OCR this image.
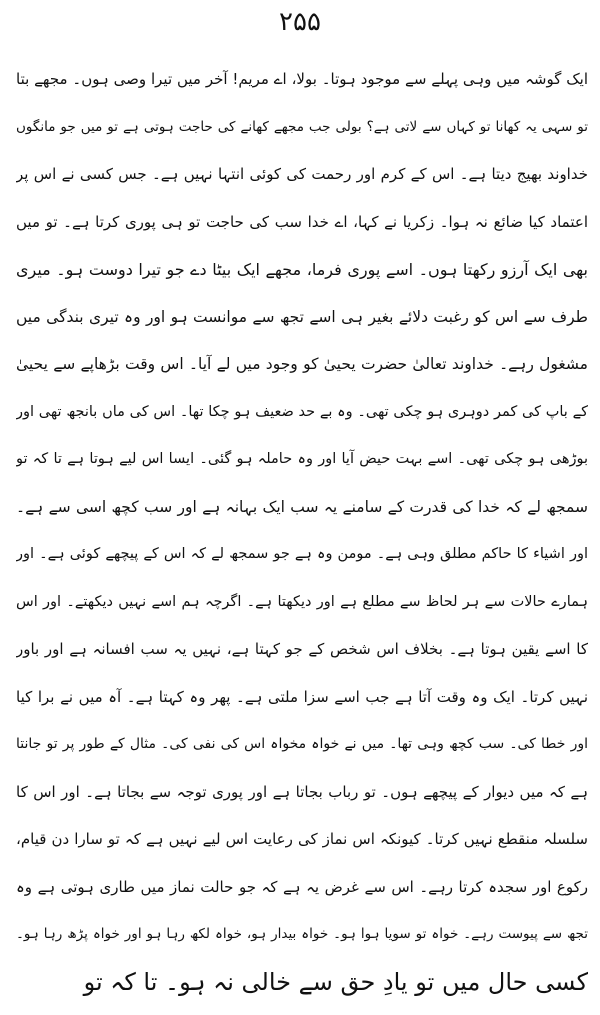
۲۵۵
ایک گوشہ میں وہی پہلے سے موجود ہوتا۔ بولا، اے مریم! آخر میں تیرا وصی ہوں۔ مجھے بتا
تو سہی یہ کھانا تو کہاں سے لاتی ہے؟ بولی جب مجھے کھانے کی حاجت ہوتی ہے تو میں جو مانگوں
خداوند بھیج دیتا ہے۔ اس کے کرم اور رحمت کی کوئی انتہا نہیں ہے۔ جس کسی نے اس پر
اعتماد کیا ضائع نہ ہوا۔ زکریا نے کہا، اے خدا سب کی حاجت تو ہی پوری کرتا ہے۔ تو میں
بھی ایک آرزو رکھتا ہوں۔ اسے پوری فرما، مجھے ایک بیٹا دے جو تیرا دوست ہو۔ میری
طرف سے اس کو رغبت دلائے بغیر ہی اسے تجھ سے موانست ہو اور وہ تیری بندگی میں
مشغول رہے۔ خداوند تعالیٰ حضرت یحییٰ کو وجود میں لے آیا۔ اس وقت بڑھاپے سے یحییٰ
کے باپ کی کمر دوہری ہو چکی تھی۔ وہ بے حد ضعیف ہو چکا تھا۔ اس کی ماں بانجھ تھی اور
بوڑھی ہو چکی تھی۔ اسے بہت حیض آیا اور وہ حاملہ ہو گئی۔ ایسا اس لیے ہوتا ہے تا کہ تو
سمجھ لے کہ خدا کی قدرت کے سامنے یہ سب ایک بہانہ ہے اور سب کچھ اسی سے ہے۔
اور اشیاء کا حاکم مطلق وہی ہے۔ مومن وہ ہے جو سمجھ لے کہ اس کے پیچھے کوئی ہے۔ اور
ہمارے حالات سے ہر لحاظ سے مطلع ہے اور دیکھتا ہے۔ اگرچہ ہم اسے نہیں دیکھتے۔ اور اس
کا اسے یقین ہوتا ہے۔ بخلاف اس شخص کے جو کہتا ہے، نہیں یہ سب افسانہ ہے اور باور
نہیں کرتا۔ ایک وہ وقت آتا ہے جب اسے سزا ملتی ہے۔ پھر وہ کہتا ہے۔ آہ میں نے برا کیا
اور خطا کی۔ سب کچھ وہی تھا۔ میں نے خواہ مخواہ اس کی نفی کی۔ مثال کے طور پر تو جانتا
ہے کہ میں دیوار کے پیچھے ہوں۔ تو رباب بجاتا ہے اور پوری توجہ سے بجاتا ہے۔ اور اس کا
سلسلہ منقطع نہیں کرتا۔ کیونکہ اس نماز کی رعایت اس لیے نہیں ہے کہ تو سارا دن قیام،
رکوع اور سجدہ کرتا رہے۔ اس سے غرض یہ ہے کہ جو حالت نماز میں طاری ہوتی ہے وہ
تجھ سے پیوست رہے۔ خواہ تو سویا ہوا ہو۔ خواہ بیدار ہو، خواہ لکھ رہا ہو اور خواہ پڑھ رہا ہو۔
کسی حال میں تو یادِ حق سے خالی نہ ہو۔ تا کہ تو
